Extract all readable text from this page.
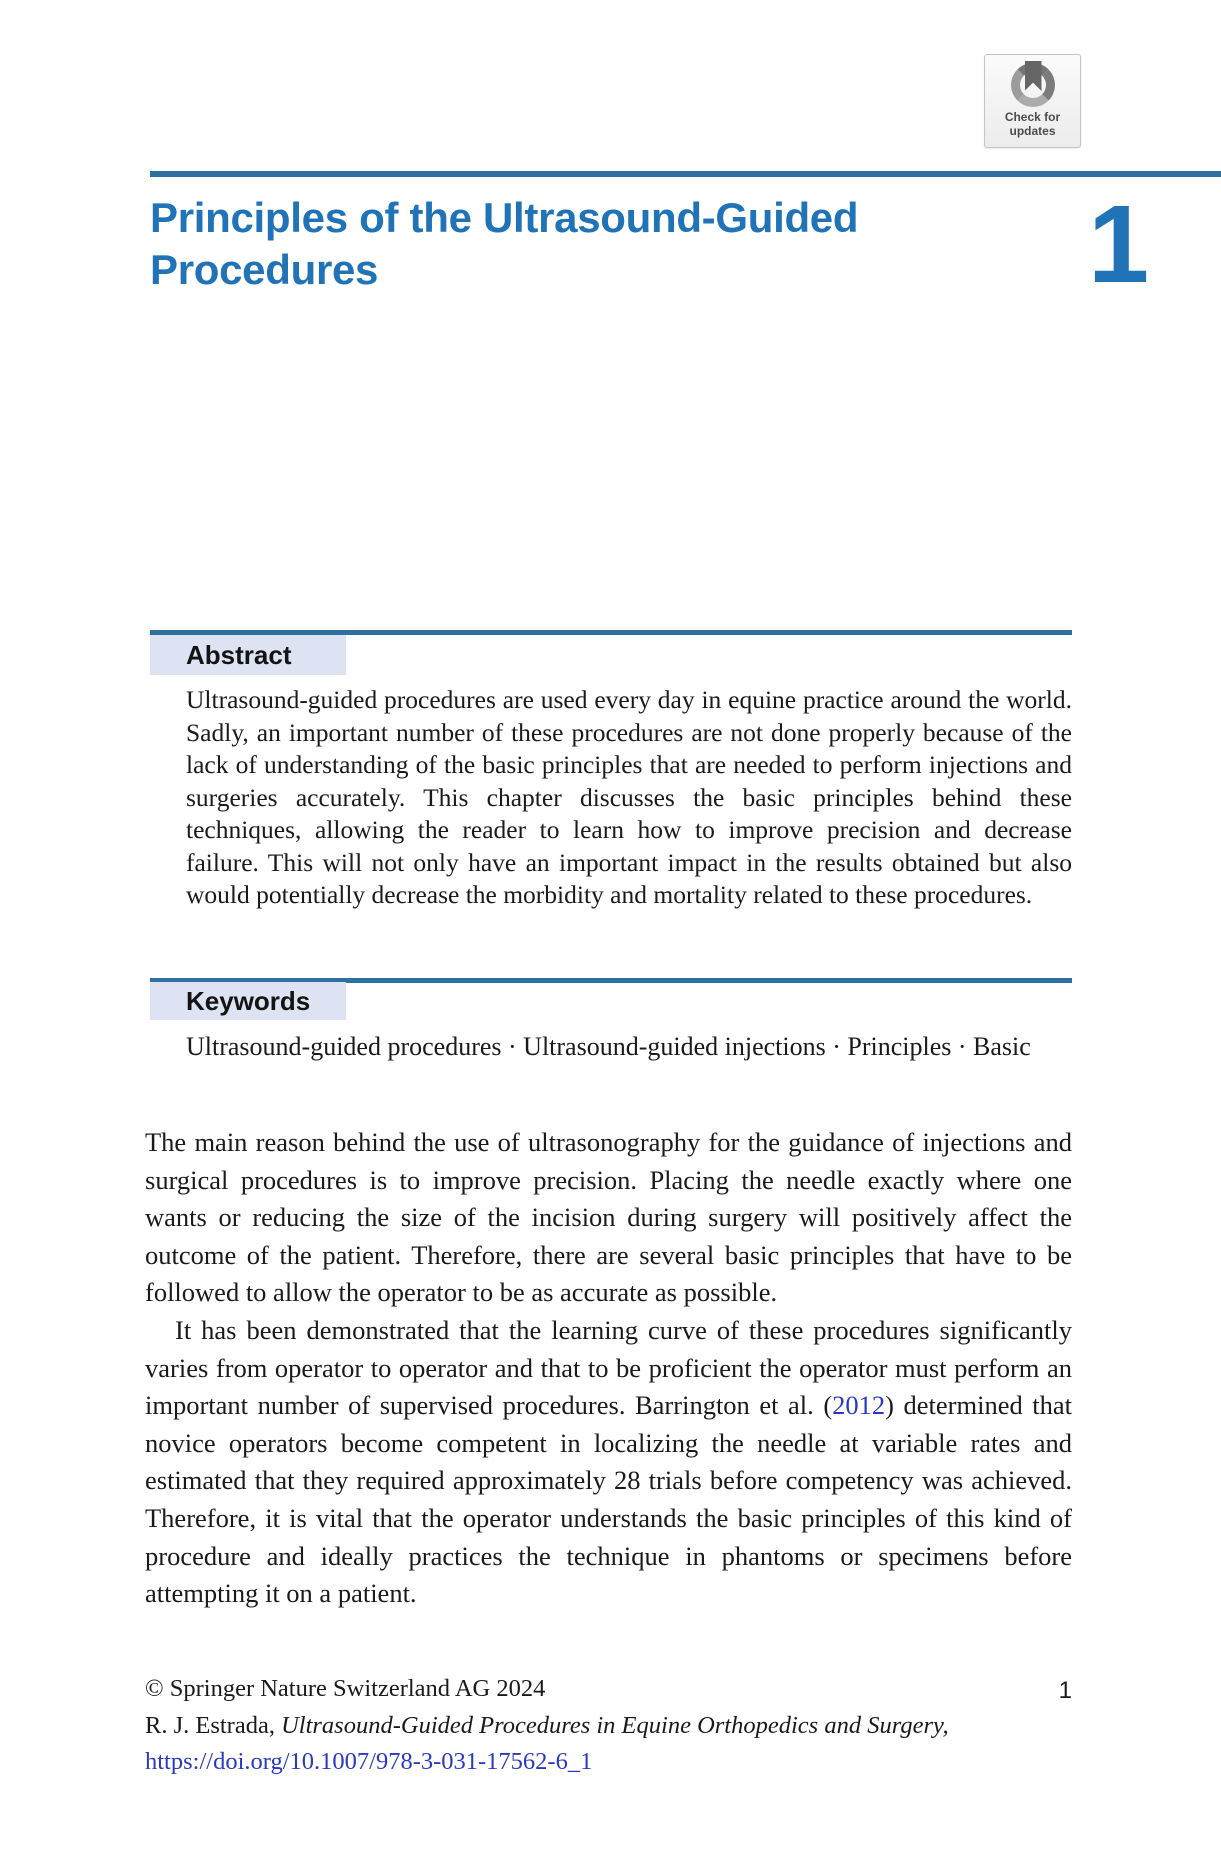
Check for
updates
Principles of the Ultrasound-Guided
Procedures	1
Abstract
Ultrasound-guided procedures are used every day in equine practice around the world. Sadly, an important number of these procedures are not done properly because of the lack of understanding of the basic principles that are needed to perform injections and surgeries accurately. This chapter discusses the basic principles behind these techniques, allowing the reader to learn how to improve precision and decrease failure. This will not only have an important impact in the results obtained but also would potentially decrease the morbidity and mortality related to these procedures.
Keywords
Ultrasound-guided procedures · Ultrasound-guided injections · Principles · Basic

The main reason behind the use of ultrasonography for the guidance of injections and surgical procedures is to improve precision. Placing the needle exactly where one wants or reducing the size of the incision during surgery will positively affect the outcome of the patient. Therefore, there are several basic principles that have to be followed to allow the operator to be as accurate as possible.

It has been demonstrated that the learning curve of these procedures significantly varies from operator to operator and that to be proficient the operator must perform an important number of supervised procedures. Barrington et al. (2012) determined that novice operators become competent in localizing the needle at variable rates and estimated that they required approximately 28 trials before competency was achieved. Therefore, it is vital that the operator understands the basic principles of this kind of procedure and ideally practices the technique in phantoms or specimens before attempting it on a patient.

© Springer Nature Switzerland AG 2024
R. J. Estrada, Ultrasound-Guided Procedures in Equine Orthopedics and Surgery,
https://doi.org/10.1007/978-3-031-17562-6_1
1
